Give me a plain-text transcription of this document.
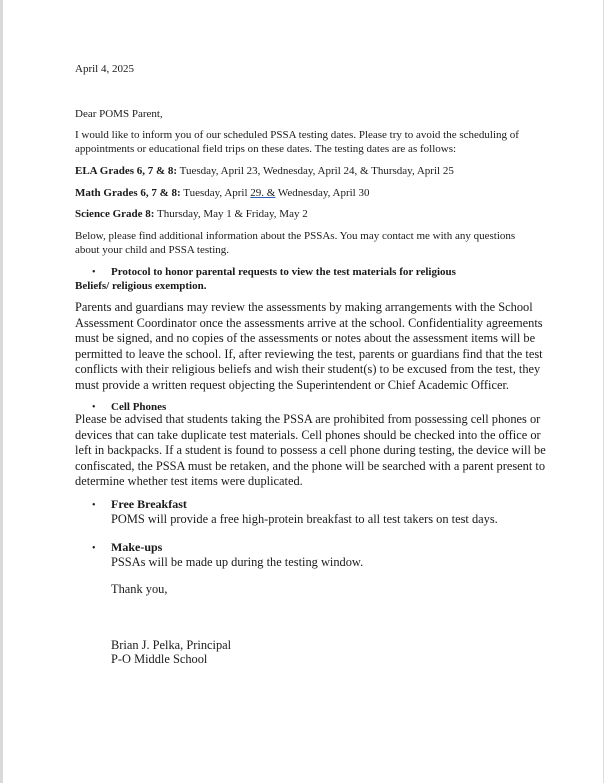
April 4, 2025

Dear POMS Parent,

I would like to inform you of our scheduled PSSA testing dates. Please try to avoid the scheduling of

appointments or educational field trips on these dates. The testing dates are as follows:

ELA Grades 6, 7 & 8: Tuesday, April 23, Wednesday, April 24, & Thursday, April 25

Math Grades 6, 7 & 8: Tuesday, April 29. & Wednesday, April 30

Science Grade 8: Thursday, May 1 & Friday, May 2

Below, please find additional information about the PSSAs. You may contact me with any questions

about your child and PSSA testing.

• Protocol to honor parental requests to view the test materials for religious

Beliefs/ religious exemption.

Parents and guardians may review the assessments by making arrangements with the School

Assessment Coordinator once the assessments arrive at the school. Confidentiality agreements

must be signed, and no copies of the assessments or notes about the assessment items will be

permitted to leave the school. If, after reviewing the test, parents or guardians find that the test

conflicts with their religious beliefs and wish their student(s) to be excused from the test, they

must provide a written request objecting the Superintendent or Chief Academic Officer.

• Cell Phones

Please be advised that students taking the PSSA are prohibited from possessing cell phones or

devices that can take duplicate test materials. Cell phones should be checked into the office or

left in backpacks. If a student is found to possess a cell phone during testing, the device will be

confiscated, the PSSA must be retaken, and the phone will be searched with a parent present to

determine whether test items were duplicated.

• Free Breakfast

POMS will provide a free high-protein breakfast to all test takers on test days.

• Make-ups

PSSAs will be made up during the testing window.

Thank you,

Brian J. Pelka, Principal

P-O Middle School
